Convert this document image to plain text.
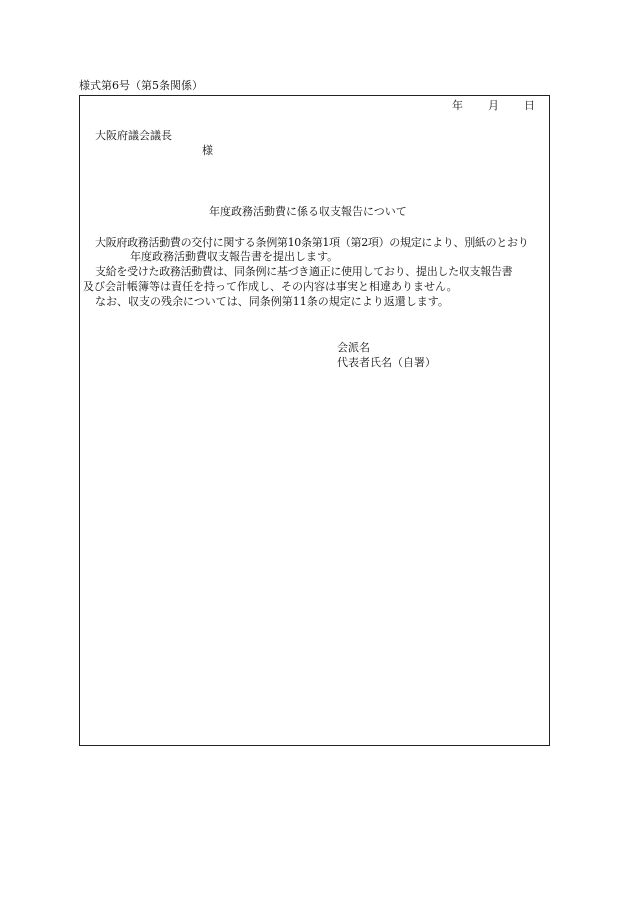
様式第6号（第5条関係）
年 月 日
大阪府議会議長
様
年度政務活動費に係る収支報告について
大阪府政務活動費の交付に関する条例第10条第1項（第2項）の規定により、別紙のとおり
年度政務活動費収支報告書を提出します。
支給を受けた政務活動費は、同条例に基づき適正に使用しており、提出した収支報告書
及び会計帳簿等は責任を持って作成し、その内容は事実と相違ありません。
なお、収支の残余については、同条例第11条の規定により返還します。
会派名
代表者氏名（自署）
